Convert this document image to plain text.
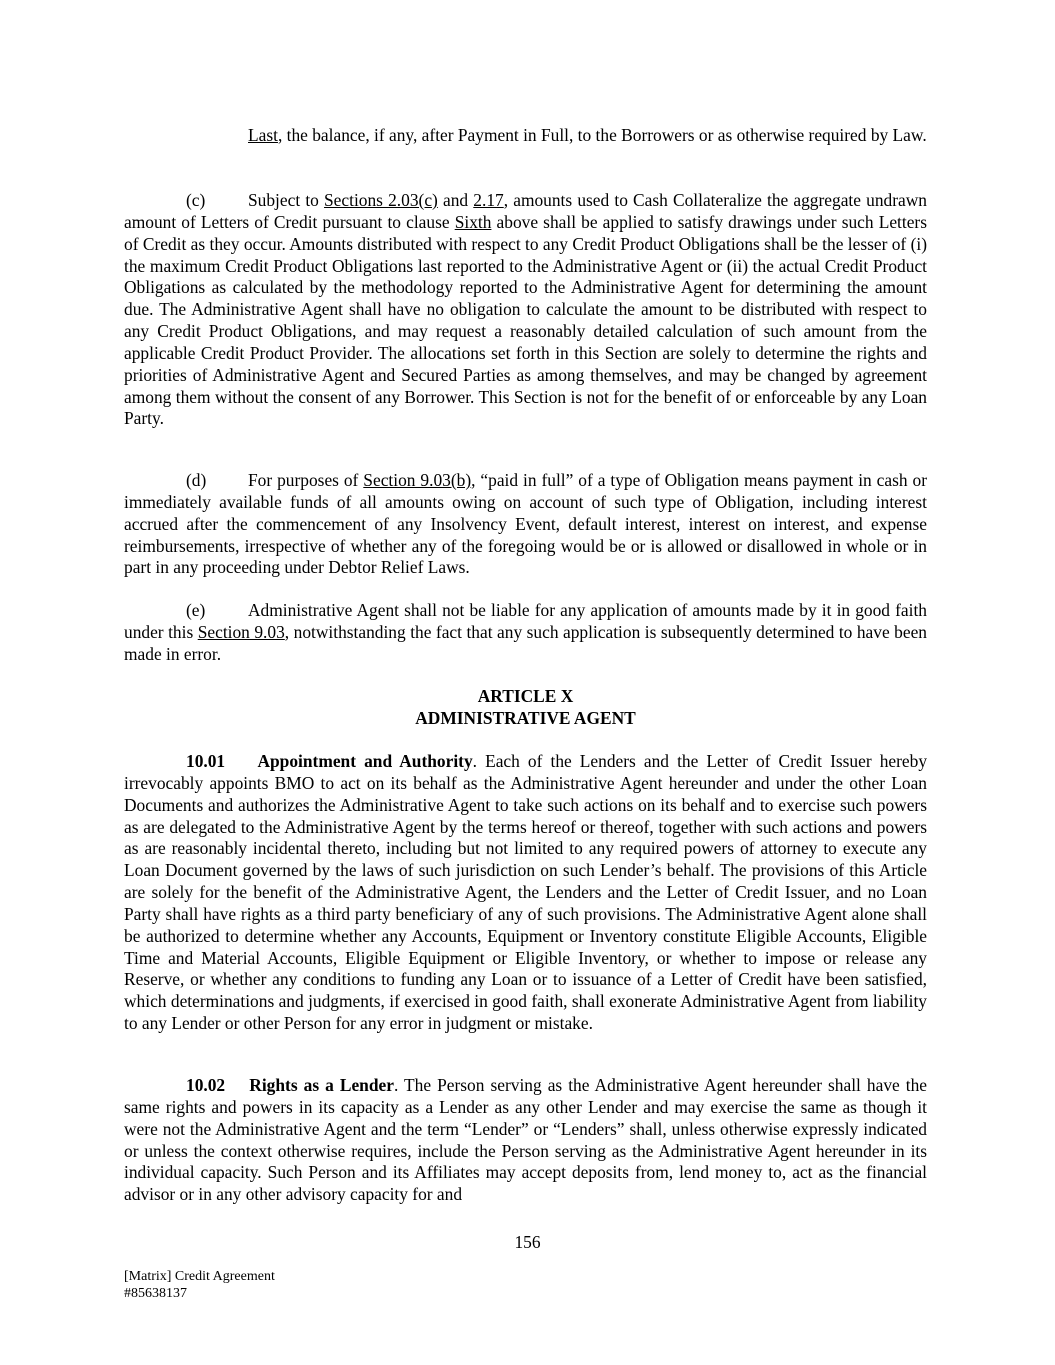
Last, the balance, if any, after Payment in Full, to the Borrowers or as otherwise required by Law.

(c) Subject to Sections 2.03(c) and 2.17, amounts used to Cash Collateralize the aggregate undrawn amount of Letters of Credit pursuant to clause Sixth above shall be applied to satisfy drawings under such Letters of Credit as they occur. Amounts distributed with respect to any Credit Product Obligations shall be the lesser of (i) the maximum Credit Product Obligations last reported to the Administrative Agent or (ii) the actual Credit Product Obligations as calculated by the methodology reported to the Administrative Agent for determining the amount due. The Administrative Agent shall have no obligation to calculate the amount to be distributed with respect to any Credit Product Obligations, and may request a reasonably detailed calculation of such amount from the applicable Credit Product Provider. The allocations set forth in this Section are solely to determine the rights and priorities of Administrative Agent and Secured Parties as among themselves, and may be changed by agreement among them without the consent of any Borrower. This Section is not for the benefit of or enforceable by any Loan Party.

(d) For purposes of Section 9.03(b), “paid in full” of a type of Obligation means payment in cash or immediately available funds of all amounts owing on account of such type of Obligation, including interest accrued after the commencement of any Insolvency Event, default interest, interest on interest, and expense reimbursements, irrespective of whether any of the foregoing would be or is allowed or disallowed in whole or in part in any proceeding under Debtor Relief Laws.

(e) Administrative Agent shall not be liable for any application of amounts made by it in good faith under this Section 9.03, notwithstanding the fact that any such application is subsequently determined to have been made in error.

ARTICLE X

ADMINISTRATIVE AGENT

10.01 Appointment and Authority. Each of the Lenders and the Letter of Credit Issuer hereby irrevocably appoints BMO to act on its behalf as the Administrative Agent hereunder and under the other Loan Documents and authorizes the Administrative Agent to take such actions on its behalf and to exercise such powers as are delegated to the Administrative Agent by the terms hereof or thereof, together with such actions and powers as are reasonably incidental thereto, including but not limited to any required powers of attorney to execute any Loan Document governed by the laws of such jurisdiction on such Lender’s behalf. The provisions of this Article are solely for the benefit of the Administrative Agent, the Lenders and the Letter of Credit Issuer, and no Loan Party shall have rights as a third party beneficiary of any of such provisions. The Administrative Agent alone shall be authorized to determine whether any Accounts, Equipment or Inventory constitute Eligible Accounts, Eligible Time and Material Accounts, Eligible Equipment or Eligible Inventory, or whether to impose or release any Reserve, or whether any conditions to funding any Loan or to issuance of a Letter of Credit have been satisfied, which determinations and judgments, if exercised in good faith, shall exonerate Administrative Agent from liability to any Lender or other Person for any error in judgment or mistake.

10.02 Rights as a Lender. The Person serving as the Administrative Agent hereunder shall have the same rights and powers in its capacity as a Lender as any other Lender and may exercise the same as though it were not the Administrative Agent and the term “Lender” or “Lenders” shall, unless otherwise expressly indicated or unless the context otherwise requires, include the Person serving as the Administrative Agent hereunder in its individual capacity. Such Person and its Affiliates may accept deposits from, lend money to, act as the financial advisor or in any other advisory capacity for and

156

[Matrix] Credit Agreement
#85638137
